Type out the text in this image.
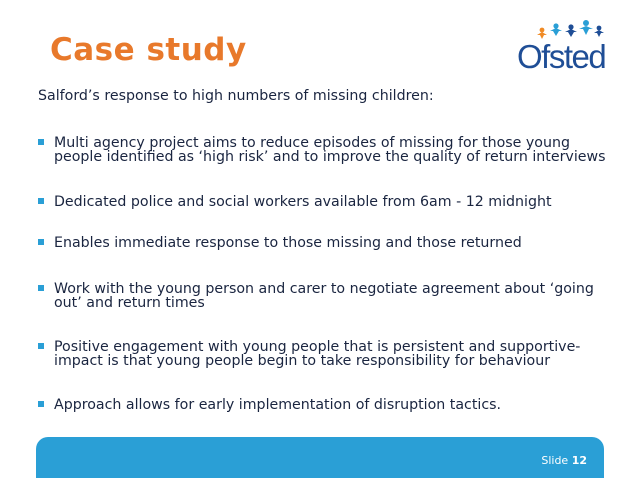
Case study	Ofsted
Salford’s response to high numbers of missing children:
Multi agency project aims to reduce episodes of missing for those young people identified as ‘high risk’ and to improve the quality of return interviews
Dedicated police and social workers available from 6am - 12 midnight
Enables immediate response to those missing and those returned
Work with the young person and carer to negotiate agreement about ‘going out’ and return times
Positive engagement with young people that is persistent and supportive- impact is that young people begin to take responsibility for behaviour
Approach allows for early implementation of disruption tactics.
Slide 12
